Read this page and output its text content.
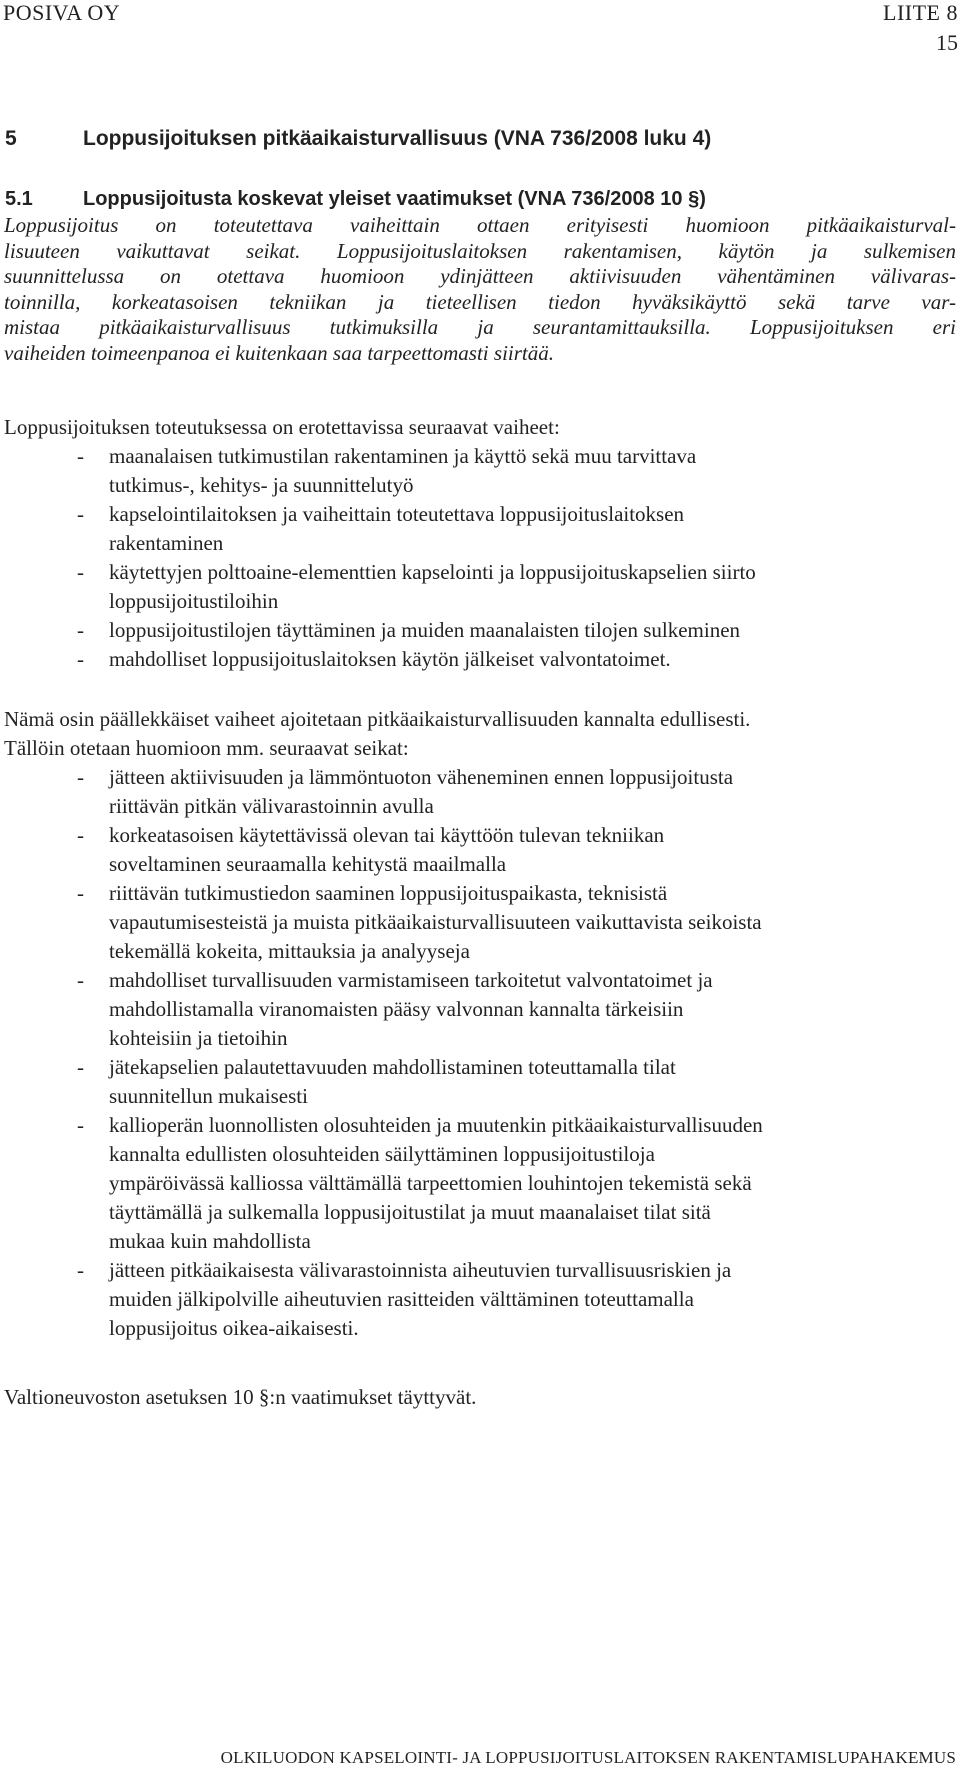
POSIVA OY	LIITE 8
15
5	Loppusijoituksen pitkäaikaisturvallisuus (VNA 736/2008 luku 4)
5.1	Loppusijoitusta koskevat yleiset vaatimukset (VNA 736/2008 10 §)
Loppusijoitus on toteutettava vaiheittain ottaen erityisesti huomioon pitkäaikaisturval-
lisuuteen vaikuttavat seikat. Loppusijoituslaitoksen rakentamisen, käytön ja sulkemisen
suunnittelussa on otettava huomioon ydinjätteen aktiivisuuden vähentäminen välivaras-
toinnilla, korkeatasoisen tekniikan ja tieteellisen tiedon hyväksikäyttö sekä tarve var-
mistaa pitkäaikaisturvallisuus tutkimuksilla ja seurantamittauksilla. Loppusijoituksen eri
vaiheiden toimeenpanoa ei kuitenkaan saa tarpeettomasti siirtää.
Loppusijoituksen toteutuksessa on erotettavissa seuraavat vaiheet:
- maanalaisen tutkimustilan rakentaminen ja käyttö sekä muu tarvittava
tutkimus-, kehitys- ja suunnittelutyö
- kapselointilaitoksen ja vaiheittain toteutettava loppusijoituslaitoksen
rakentaminen
- käytettyjen polttoaine-elementtien kapselointi ja loppusijoituskapselien siirto
loppusijoitustiloihin
- loppusijoitustilojen täyttäminen ja muiden maanalaisten tilojen sulkeminen
- mahdolliset loppusijoituslaitoksen käytön jälkeiset valvontatoimet.
Nämä osin päällekkäiset vaiheet ajoitetaan pitkäaikaisturvallisuuden kannalta edullisesti.
Tällöin otetaan huomioon mm. seuraavat seikat:
- jätteen aktiivisuuden ja lämmöntuoton väheneminen ennen loppusijoitusta
riittävän pitkän välivarastoinnin avulla
- korkeatasoisen käytettävissä olevan tai käyttöön tulevan tekniikan
soveltaminen seuraamalla kehitystä maailmalla
- riittävän tutkimustiedon saaminen loppusijoituspaikasta, teknisistä
vapautumisesteistä ja muista pitkäaikaisturvallisuuteen vaikuttavista seikoista
tekemällä kokeita, mittauksia ja analyyseja
- mahdolliset turvallisuuden varmistamiseen tarkoitetut valvontatoimet ja
mahdollistamalla viranomaisten pääsy valvonnan kannalta tärkeisiin
kohteisiin ja tietoihin
- jätekapselien palautettavuuden mahdollistaminen toteuttamalla tilat
suunnitellun mukaisesti
- kallioperän luonnollisten olosuhteiden ja muutenkin pitkäaikaisturvallisuuden
kannalta edullisten olosuhteiden säilyttäminen loppusijoitustiloja
ympäröivässä kalliossa välttämällä tarpeettomien louhintojen tekemistä sekä
täyttämällä ja sulkemalla loppusijoitustilat ja muut maanalaiset tilat sitä
mukaa kuin mahdollista
- jätteen pitkäaikaisesta välivarastoinnista aiheutuvien turvallisuusriskien ja
muiden jälkipolville aiheutuvien rasitteiden välttäminen toteuttamalla
loppusijoitus oikea-aikaisesti.
Valtioneuvoston asetuksen 10 §:n vaatimukset täyttyvät.
OLKILUODON KAPSELOINTI- JA LOPPUSIJOITUSLAITOKSEN RAKENTAMISLUPAHAKEMUS
